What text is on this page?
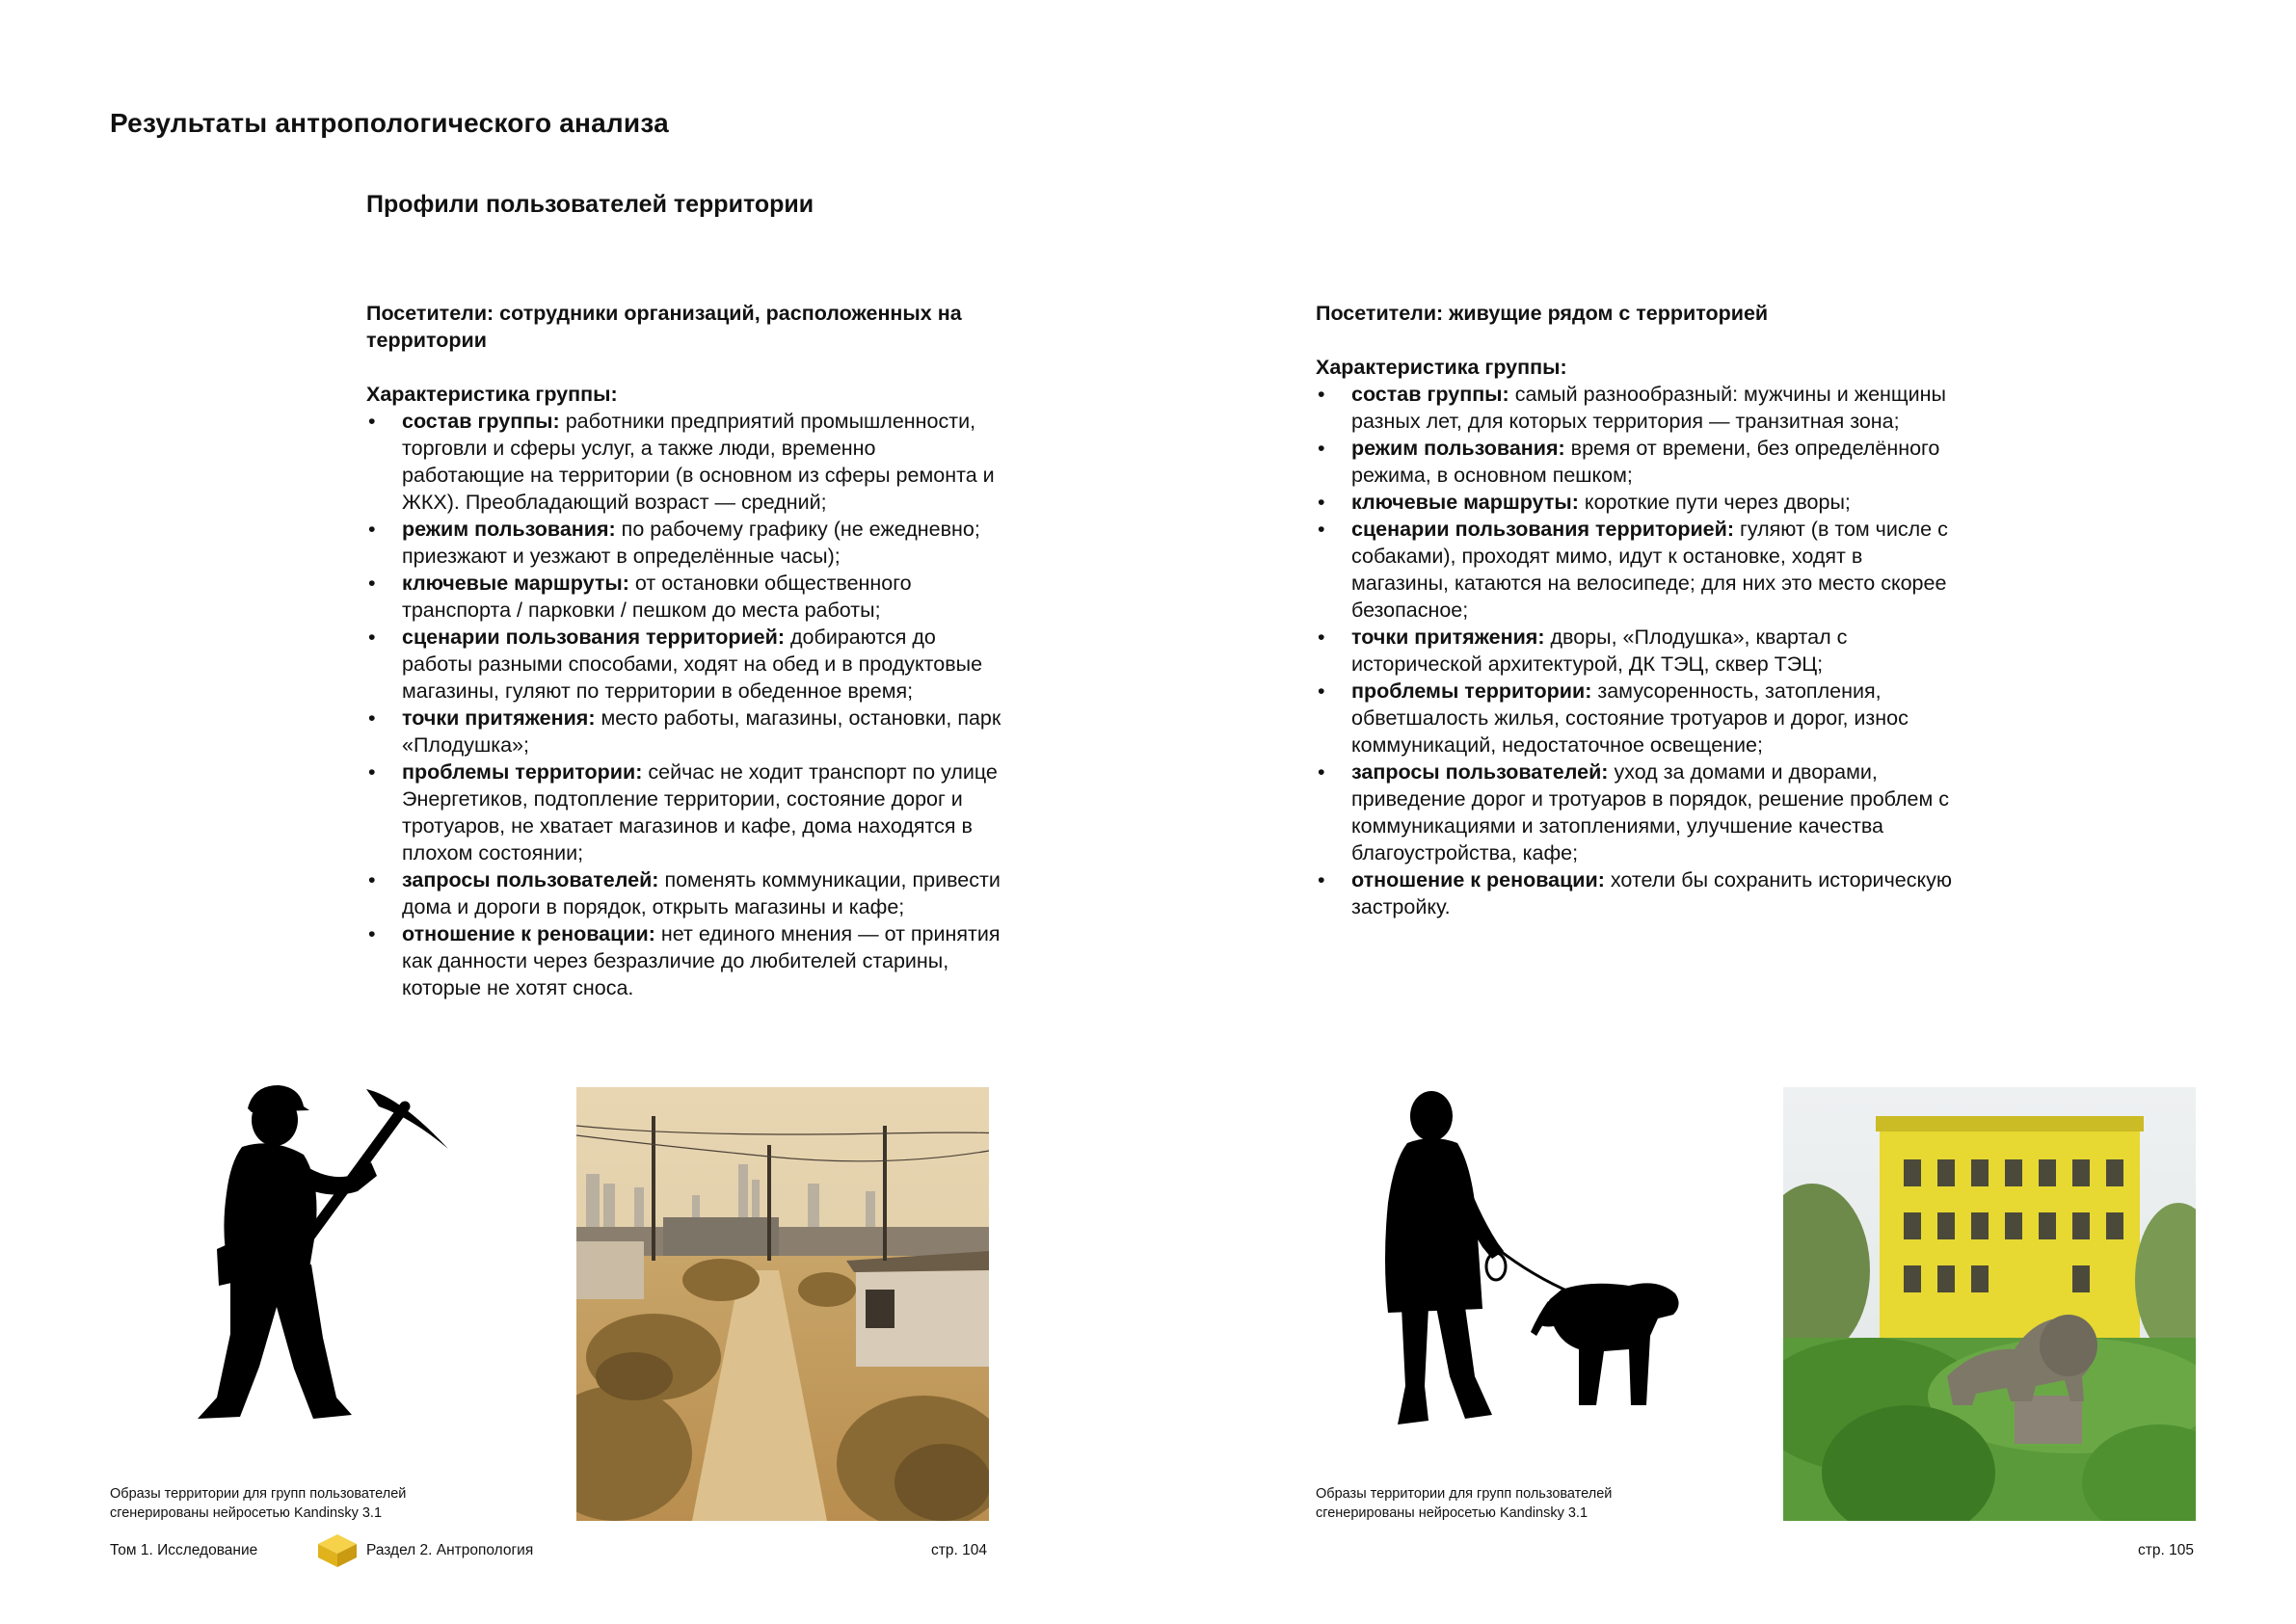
Результаты антропологического анализа
Профили пользователей территории
Посетители: сотрудники организаций, расположенных на территории
Характеристика группы:
• состав группы: работники предприятий промышленности, торговли и сферы услуг, а также люди, временно работающие на территории (в основном из сферы ремонта и ЖКХ). Преобладающий возраст — средний;
• режим пользования: по рабочему графику (не ежедневно; приезжают и уезжают в определённые часы);
• ключевые маршруты: от остановки общественного транспорта / парковки / пешком до места работы;
• сценарии пользования территорией: добираются до работы разными способами, ходят на обед и в продуктовые магазины, гуляют по территории в обеденное время;
• точки притяжения: место работы, магазины, остановки, парк «Плодушка»;
• проблемы территории: сейчас не ходит транспорт по улице Энергетиков, подтопление территории, состояние дорог и тротуаров, не хватает магазинов и кафе, дома находятся в плохом состоянии;
• запросы пользователей: поменять коммуникации, привести дома и дороги в порядок, открыть магазины и кафе;
• отношение к реновации: нет единого мнения — от принятия как данности через безразличие до любителей старины, которые не хотят сноса.
Посетители: живущие рядом с территорией
Характеристика группы:
• состав группы: самый разнообразный: мужчины и женщины разных лет, для которых территория — транзитная зона;
• режим пользования: время от времени, без определённого режима, в основном пешком;
• ключевые маршруты: короткие пути через дворы;
• сценарии пользования территорией: гуляют (в том числе с собаками), проходят мимо, идут к остановке, ходят в магазины, катаются на велосипеде; для них это место скорее безопасное;
• точки притяжения: дворы, «Плодушка», квартал с исторической архитектурой, ДК ТЭЦ, сквер ТЭЦ;
• проблемы территории: замусоренность, затопления, обветшалость жилья, состояние тротуаров и дорог, износ коммуникаций, недостаточное освещение;
• запросы пользователей: уход за домами и дворами, приведение дорог и тротуаров в порядок, решение проблем с коммуникациями и затоплениями, улучшение качества благоустройства, кафе;
• отношение к реновации: хотели бы сохранить историческую застройку.
Образы территории для групп пользователей
сгенерированы нейросетью Kandinsky 3.1
Образы территории для групп пользователей
сгенерированы нейросетью Kandinsky 3.1
Том 1. Исследование	Раздел 2. Антропология	стр. 104	стр. 105
